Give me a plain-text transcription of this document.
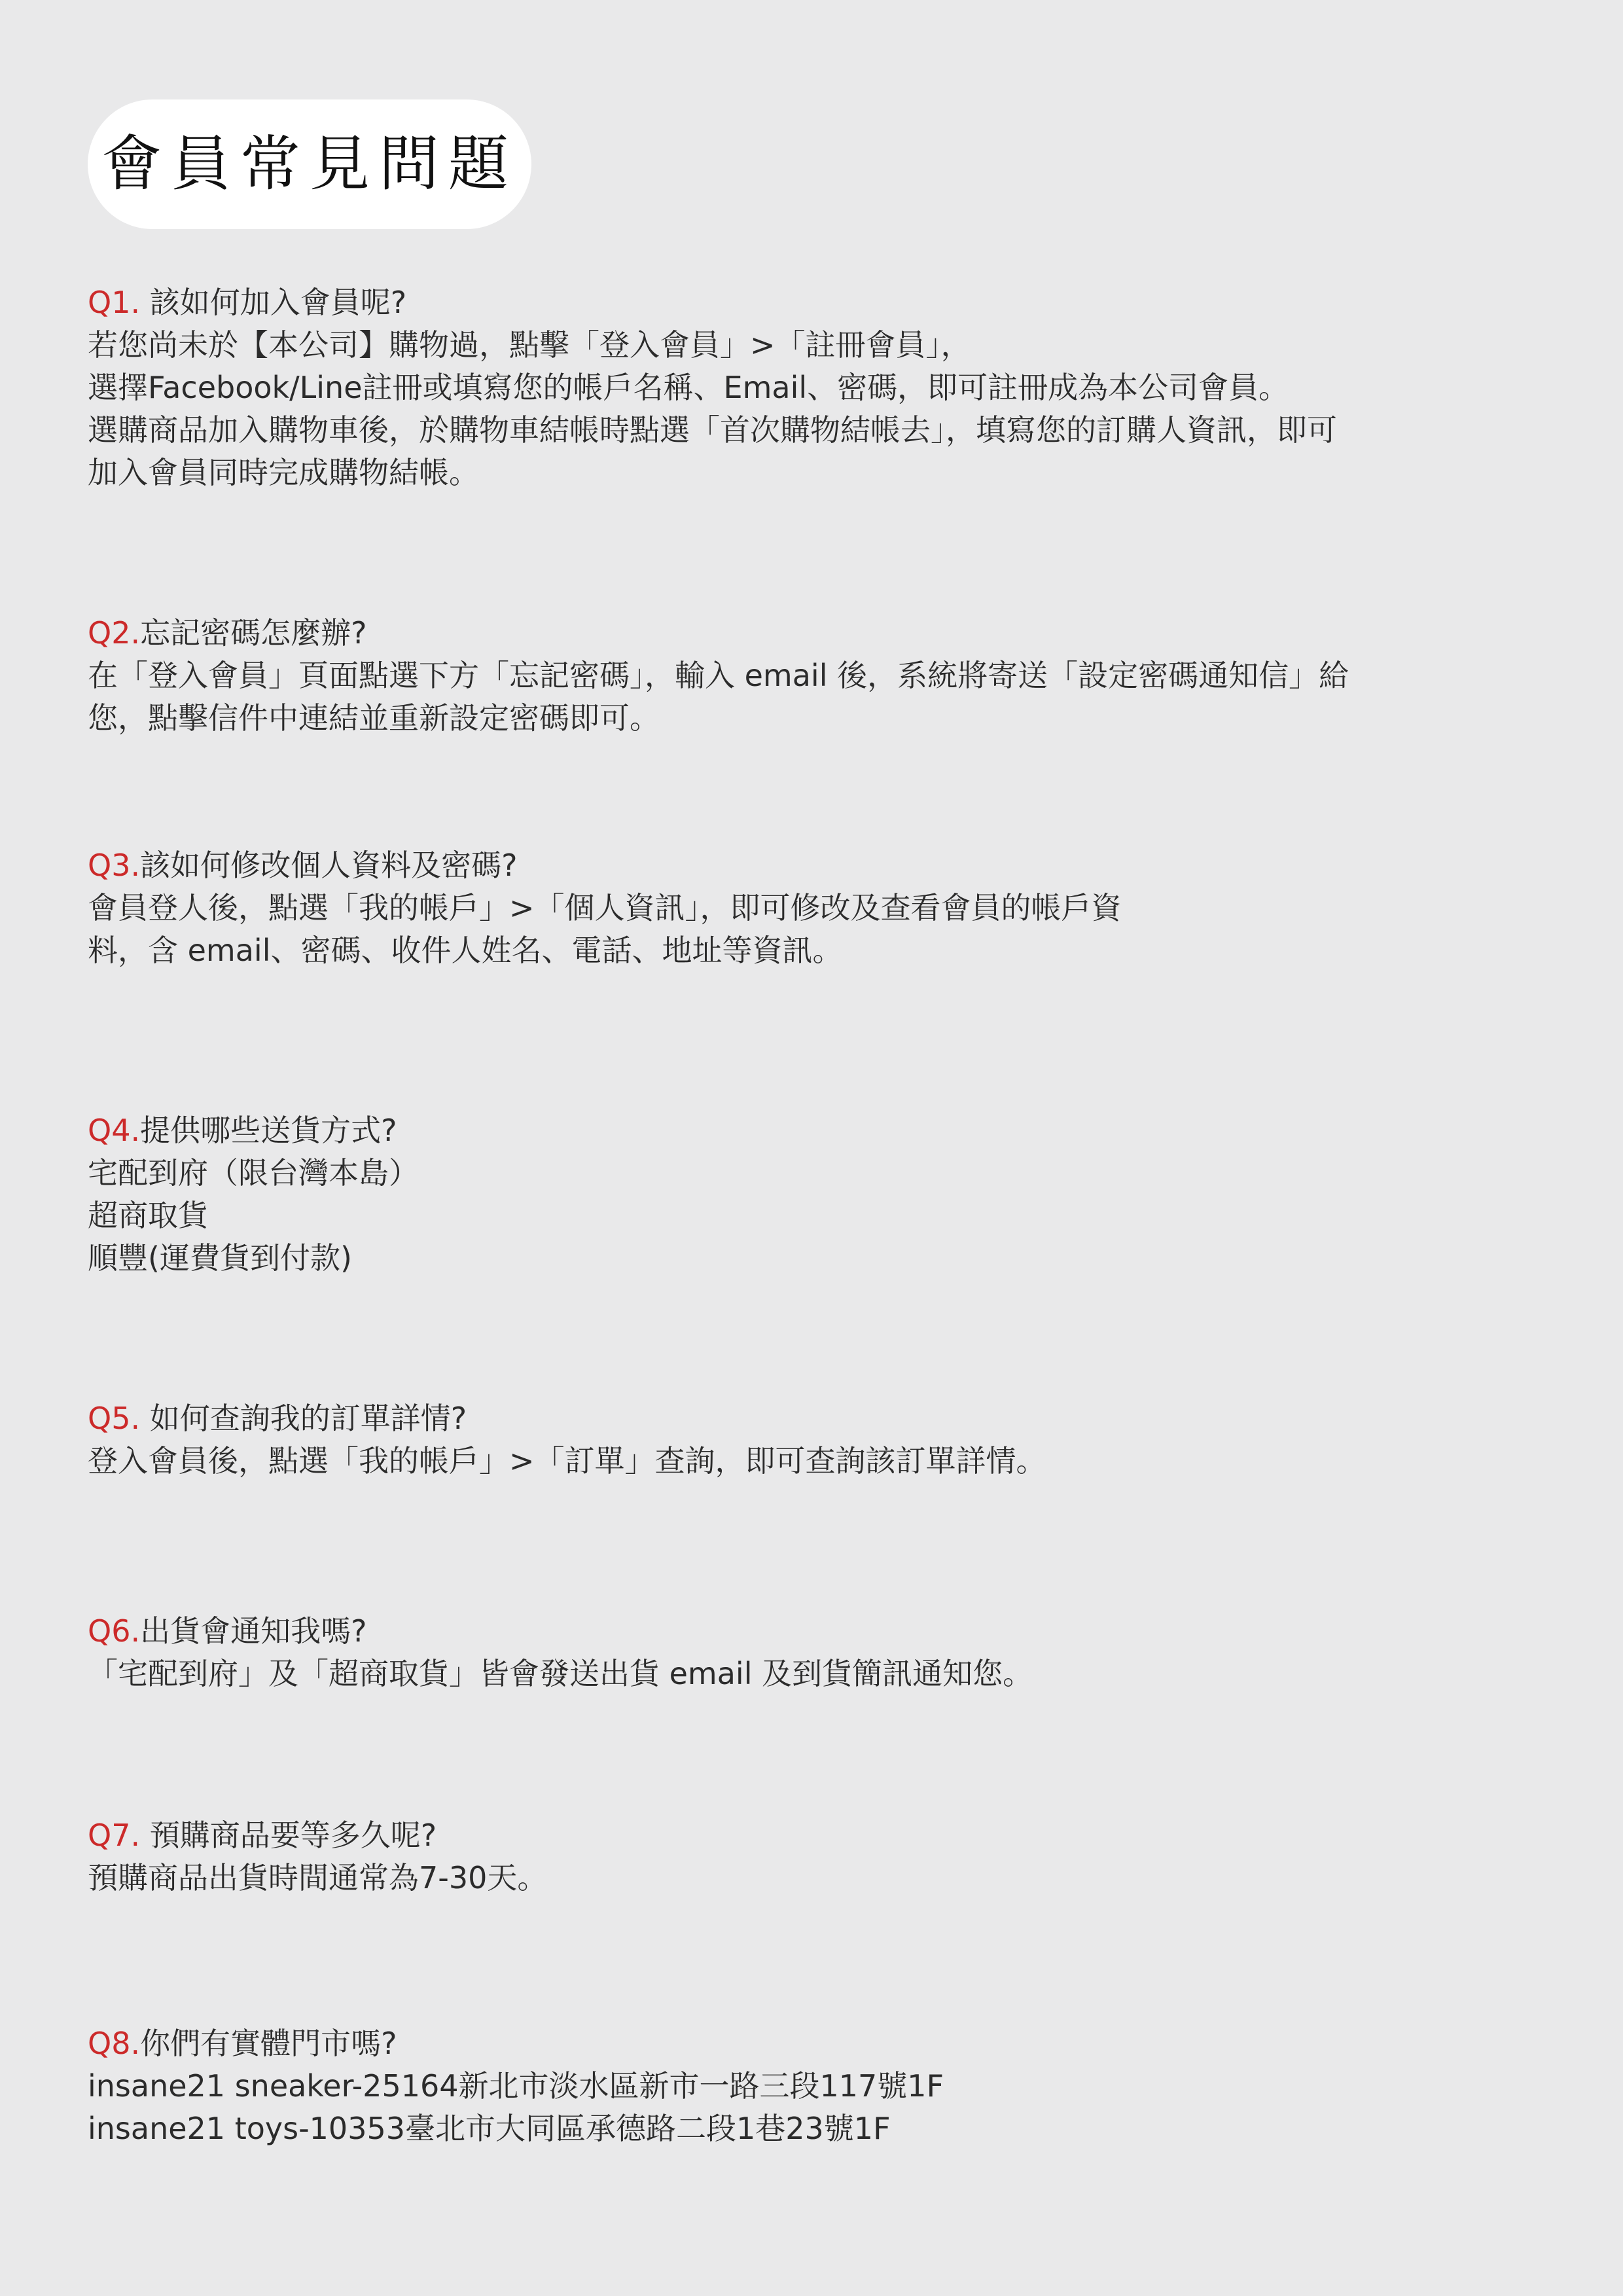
會員常見問題
Q1. 該如何加入會員呢?
若您尚未於【本公司】購物過，點擊「登入會員」>「註冊會員」，
選擇Facebook/Line註冊或填寫您的帳戶名稱、Email、密碼，即可註冊成為本公司會員。
選購商品加入購物車後，於購物車結帳時點選「首次購物結帳去」，填寫您的訂購人資訊，即可
加入會員同時完成購物結帳。
Q2.忘記密碼怎麼辦?
在「登入會員」頁面點選下方「忘記密碼」，輸入 email 後，系統將寄送「設定密碼通知信」給
您，點擊信件中連結並重新設定密碼即可。
Q3.該如何修改個人資料及密碼?
會員登人後，點選「我的帳戶」>「個人資訊」，即可修改及查看會員的帳戶資
料，含 email、密碼、收件人姓名、電話、地址等資訊。
Q4.提供哪些送貨方式?
宅配到府（限台灣本島）
超商取貨
順豐(運費貨到付款)
Q5. 如何查詢我的訂單詳情?
登入會員後，點選「我的帳戶」>「訂單」查詢，即可查詢該訂單詳情。
Q6.出貨會通知我嗎?
「宅配到府」及「超商取貨」皆會發送出貨 email 及到貨簡訊通知您。
Q7. 預購商品要等多久呢?
預購商品出貨時間通常為7-30天。
Q8.你們有實體門市嗎?
insane21 sneaker-25164新北市淡水區新市一路三段117號1F
insane21 toys-10353臺北市大同區承德路二段1巷23號1F
